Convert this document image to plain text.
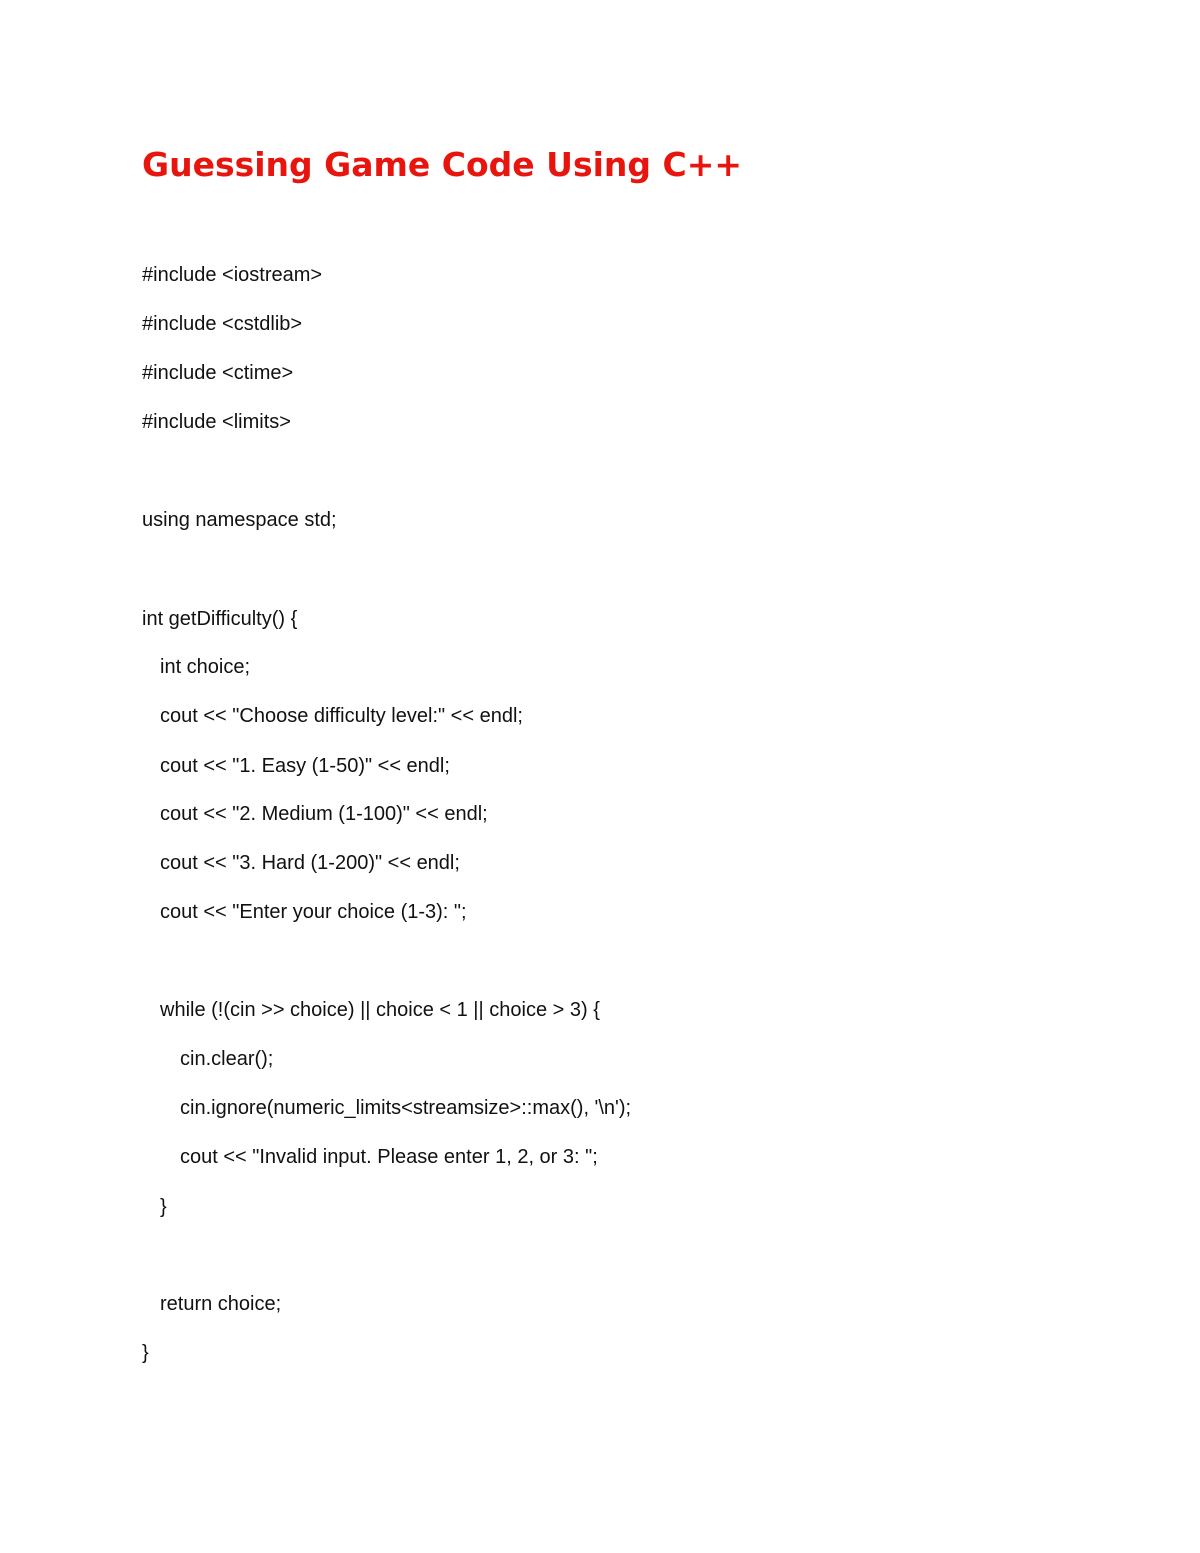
Guessing Game Code Using C++

#include <iostream>

#include <cstdlib>

#include <ctime>

#include <limits>

using namespace std;

int getDifficulty() {

int choice;

cout << "Choose difficulty level:" << endl;

cout << "1. Easy (1-50)" << endl;

cout << "2. Medium (1-100)" << endl;

cout << "3. Hard (1-200)" << endl;

cout << "Enter your choice (1-3): ";

while (!(cin >> choice) || choice < 1 || choice > 3) {

cin.clear();

cin.ignore(numeric_limits<streamsize>::max(), '\n');

cout << "Invalid input. Please enter 1, 2, or 3: ";

}

return choice;

}
